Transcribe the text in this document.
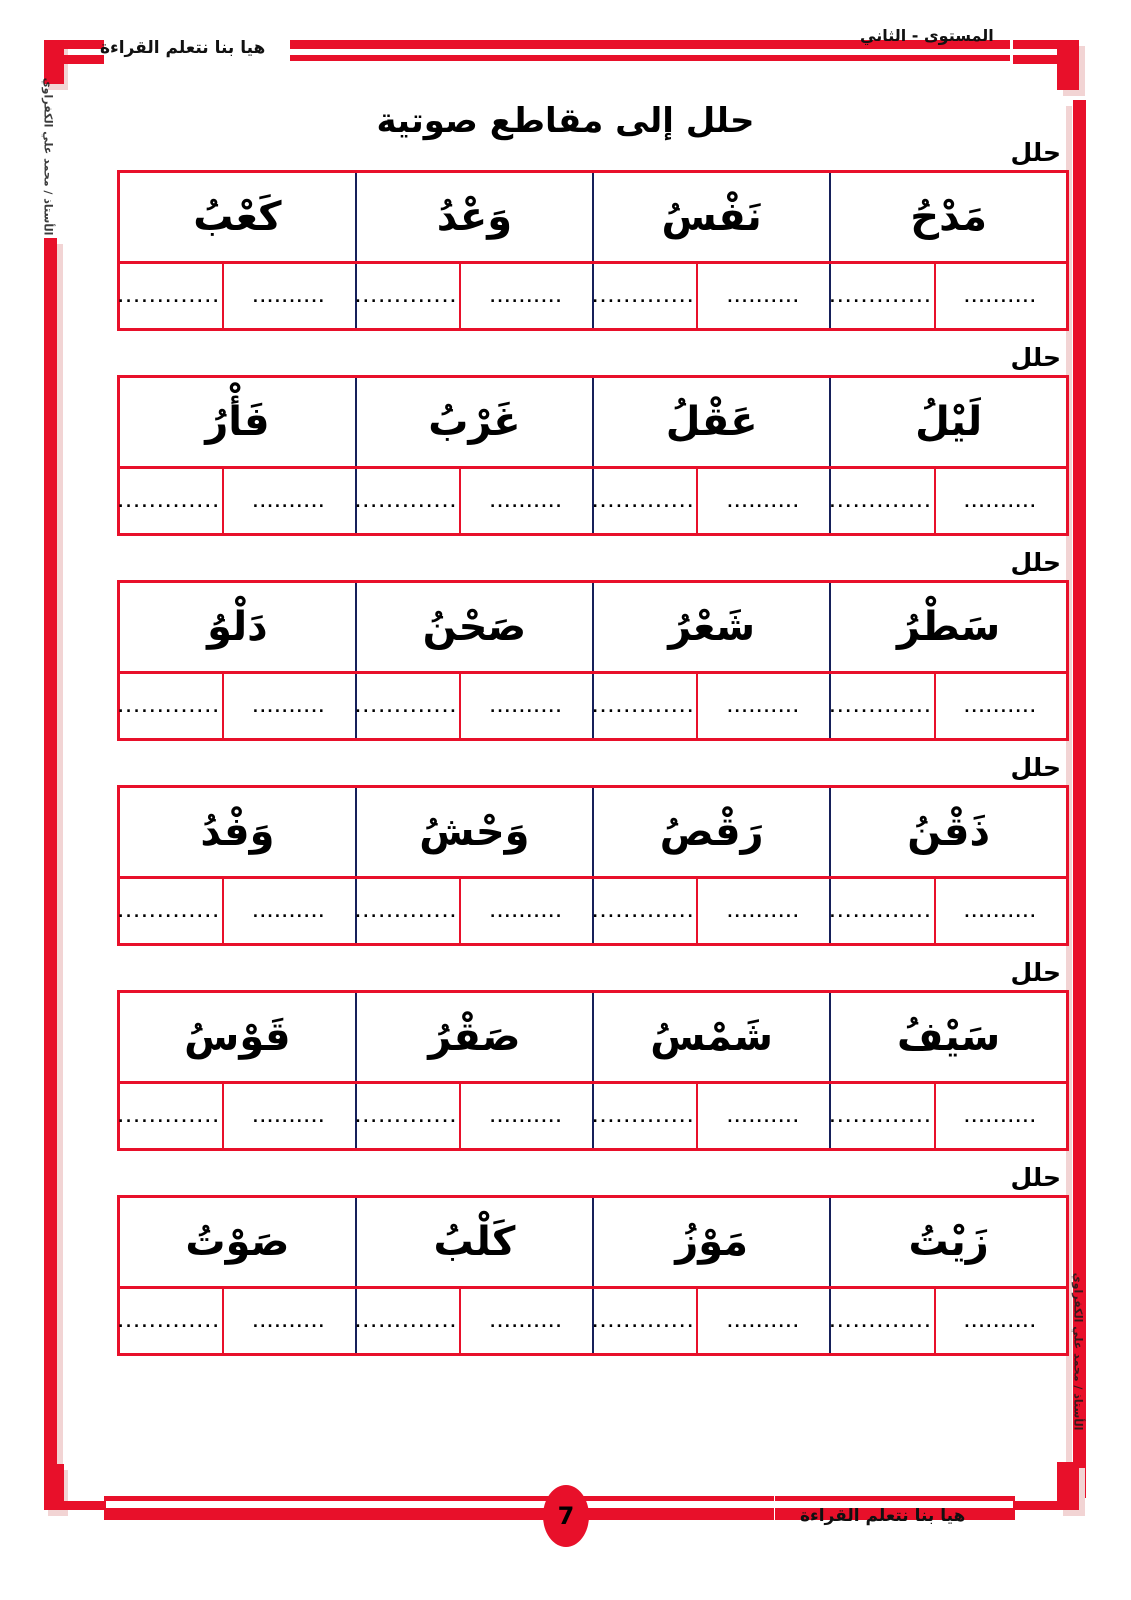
هيا بنا نتعلم القراءة
المستوى - الثاني
الأستاذ / محمد علي الكفراوي
الأستاذ / محمد علي الكفراوي
حلل إلى مقاطع صوتية
حلل
مَدْحُ		نَفْسُ		وَعْدُ		كَعْبُ	
..........	.............	..........	.............	..........	.............	..........	.............
حلل
لَيْلُ		عَقْلُ		غَرْبُ		فَأْرُ	
..........	.............	..........	.............	..........	.............	..........	.............
حلل
سَطْرُ		شَعْرُ		صَحْنُ		دَلْوُ	
..........	.............	..........	.............	..........	.............	..........	.............
حلل
ذَقْنُ		رَقْصُ		وَحْشُ		وَفْدُ	
..........	.............	..........	.............	..........	.............	..........	.............
حلل
سَيْفُ		شَمْسُ		صَقْرُ		قَوْسُ	
..........	.............	..........	.............	..........	.............	..........	.............
حلل
زَيْتُ		مَوْزُ		كَلْبُ		صَوْتُ	
..........	.............	..........	.............	..........	.............	..........	.............
هيا بنا نتعلم القراءة
7
